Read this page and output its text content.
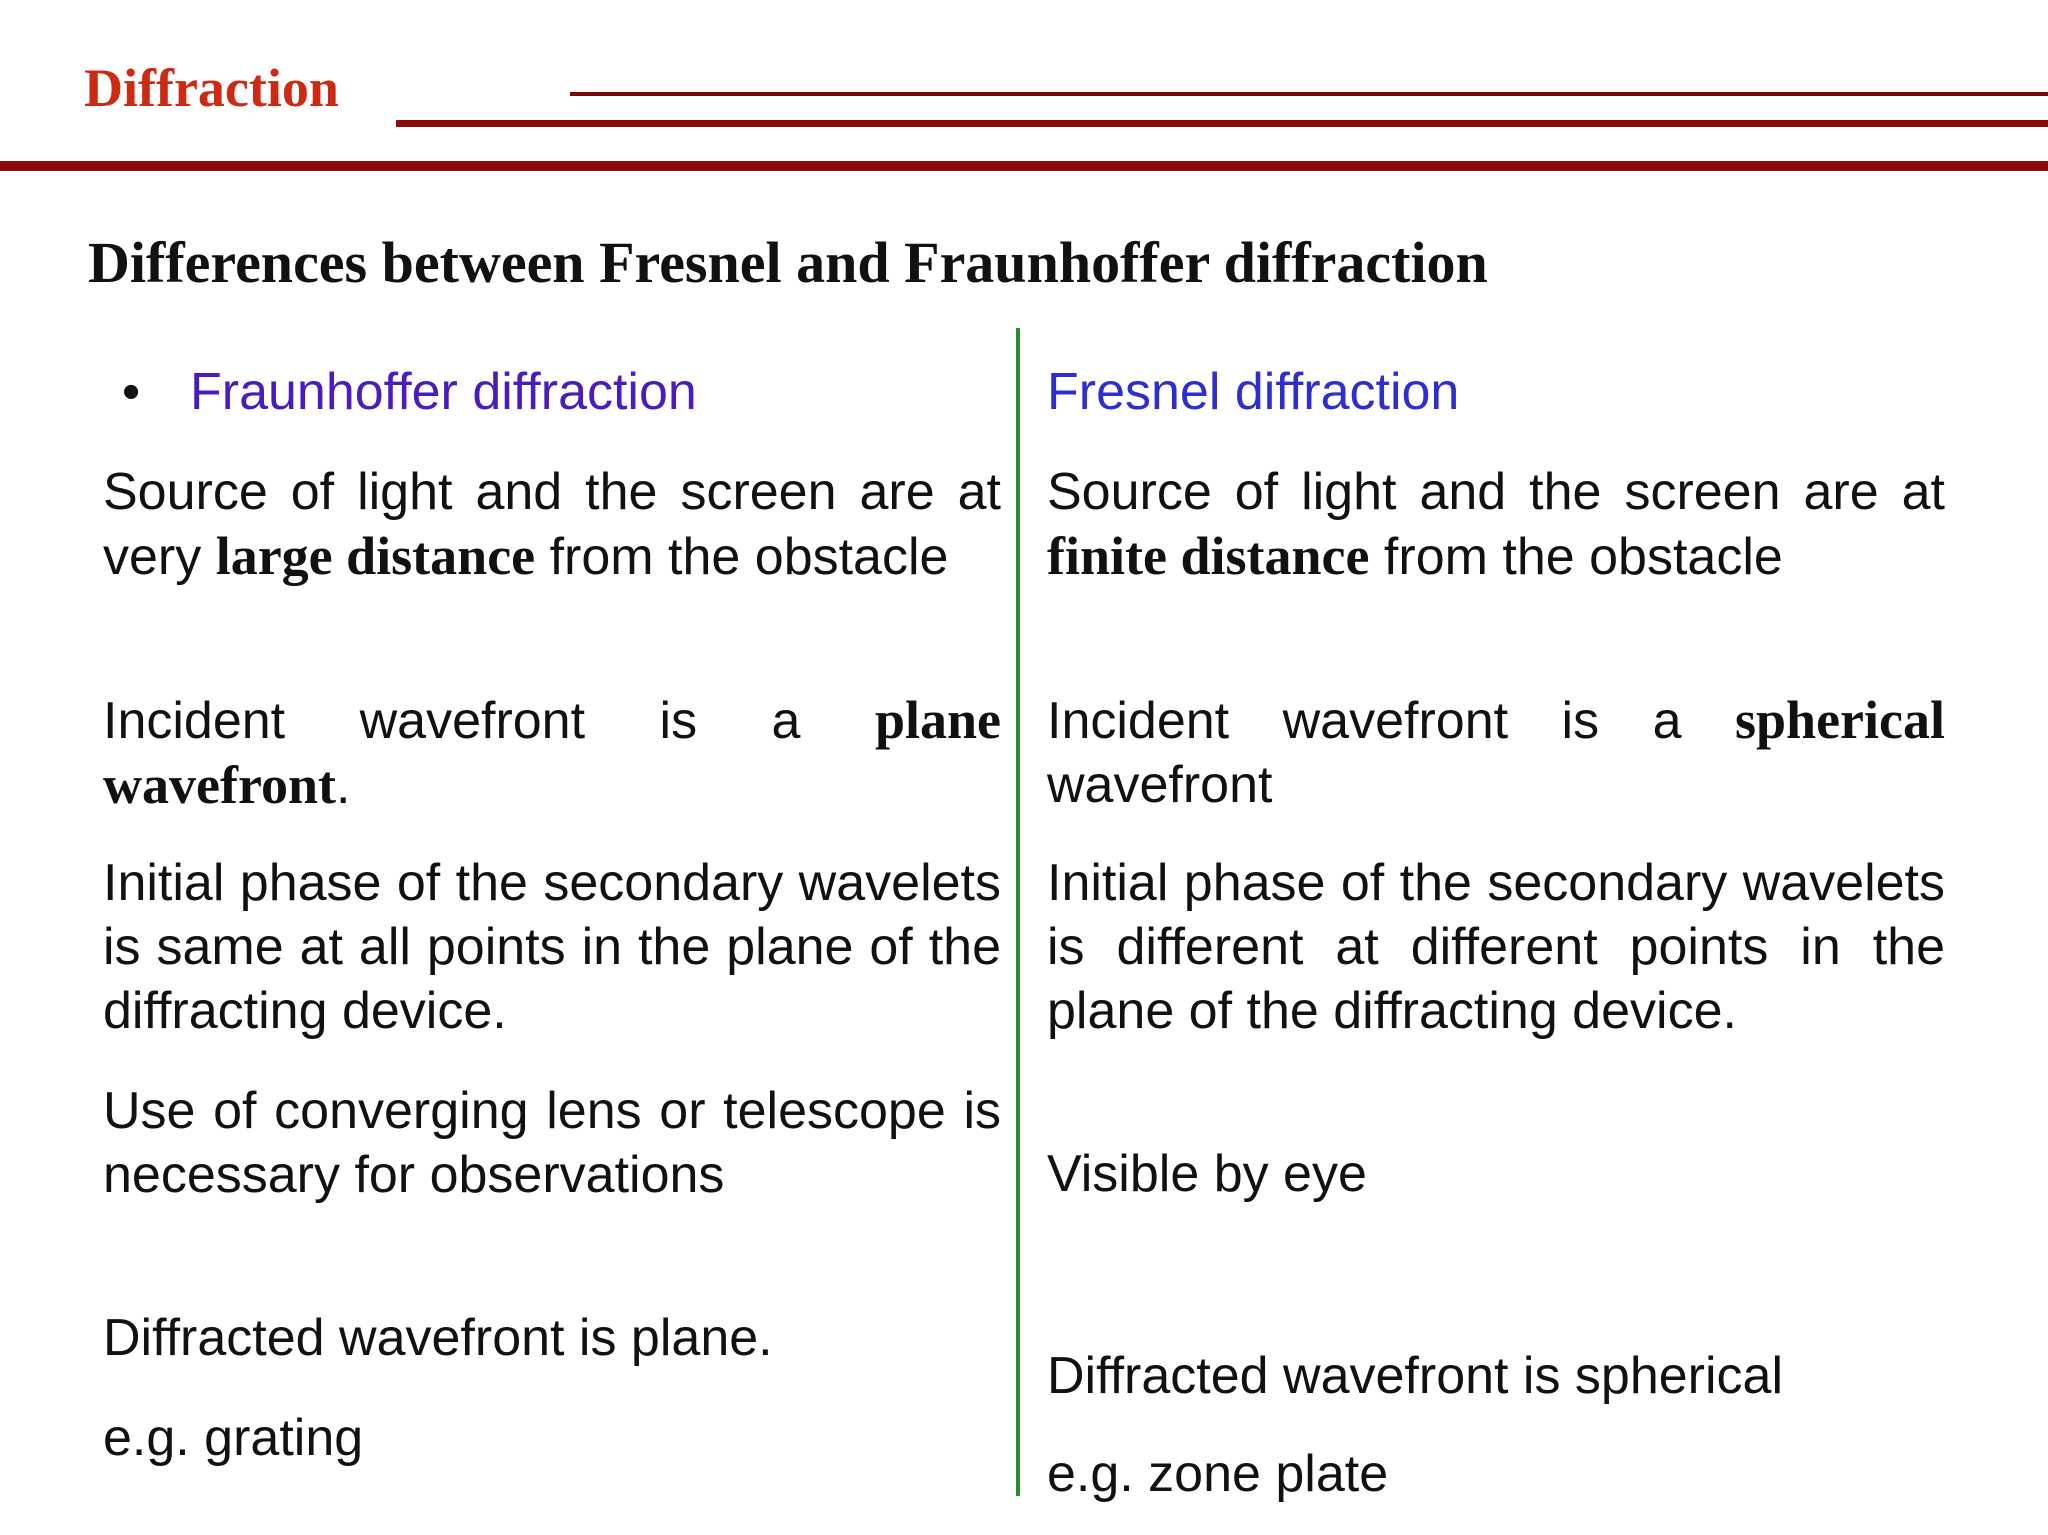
Diffraction
Differences between Fresnel and Fraunhoffer diffraction
• Fraunhoffer diffraction
Source of light and the screen are at very large distance from the obstacle
Incident wavefront is a plane wavefront.
Initial phase of the secondary wavelets is same at all points in the plane of the diffracting device.
Use of converging lens or telescope is necessary for observations
Diffracted wavefront is plane.
e.g. grating
Fresnel diffraction
Source of light and the screen are at finite distance from the obstacle
Incident wavefront is a spherical wavefront
Initial phase of the secondary wavelets is different at different points in the plane of the diffracting device.
Visible by eye
Diffracted wavefront is spherical
e.g. zone plate
